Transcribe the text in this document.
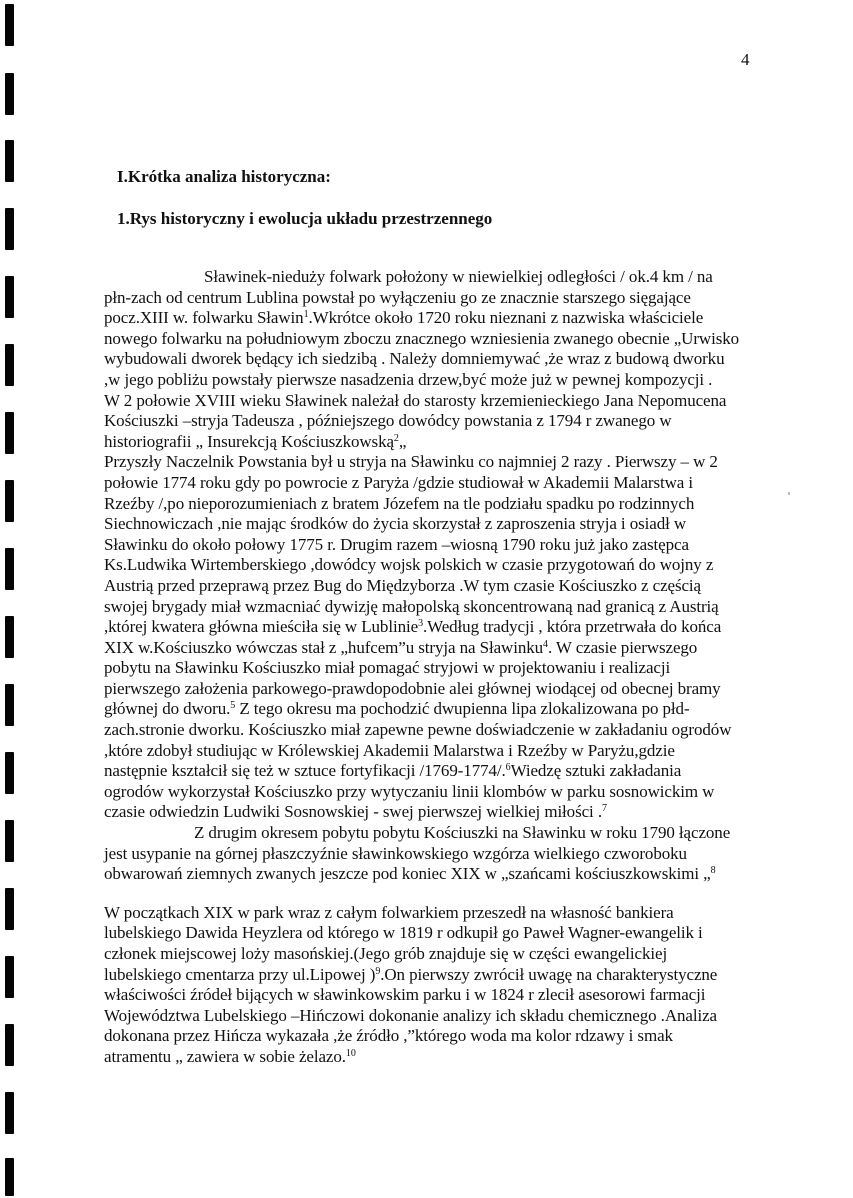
4
I.Krótka analiza historyczna:
1.Rys historyczny i ewolucja układu przestrzennego
Sławinek-nieduży folwark położony w niewielkiej odległości / ok.4 km / na
płn-zach od centrum Lublina powstał po wyłączeniu go ze znacznie starszego sięgające
pocz.XIII w. folwarku Sławin$^1$.Wkrótce około 1720 roku nieznani z nazwiska właściciele
nowego folwarku na południowym zboczu znacznego wzniesienia zwanego obecnie „Urwisko
wybudowali dworek będący ich siedzibą . Należy domniemywać ,że wraz z budową dworku
,w jego pobliżu powstały pierwsze nasadzenia drzew,być może już w pewnej kompozycji .
W 2 połowie XVIII wieku Sławinek należał do starosty krzemienieckiego Jana Nepomucena
Kościuszki –stryja Tadeusza , późniejszego dowódcy powstania z 1794 r zwanego w
historiografii „ Insurekcją Kościuszkowską$^2$„
Przyszły Naczelnik Powstania był u stryja na Sławinku co najmniej 2 razy . Pierwszy – w 2
połowie 1774 roku gdy po powrocie z Paryża /gdzie studiował w Akademii Malarstwa i
Rzeźby /,po nieporozumieniach z bratem Józefem na tle podziału spadku po rodzinnych
Siechnowiczach ,nie mając środków do życia skorzystał z zaproszenia stryja i osiadł w
Sławinku do około połowy 1775 r. Drugim razem –wiosną 1790 roku już jako zastępca
Ks.Ludwika Wirtemberskiego ,dowódcy wojsk polskich w czasie przygotowań do wojny z
Austrią przed przeprawą przez Bug do Międzyborza .W tym czasie Kościuszko z częścią
swojej brygady miał wzmacniać dywizję małopolską skoncentrowaną nad granicą z Austrią
,której kwatera główna mieściła się w Lublinie$^3$.Według tradycji , która przetrwała do końca
XIX w.Kościuszko wówczas stał z „hufcem”u stryja na Sławinku$^4$. W czasie pierwszego
pobytu na Sławinku Kościuszko miał pomagać stryjowi w projektowaniu i realizacji
pierwszego założenia parkowego-prawdopodobnie alei głównej wiodącej od obecnej bramy
głównej do dworu.$^5$ Z tego okresu ma pochodzić dwupienna lipa zlokalizowana po płd-
zach.stronie dworku. Kościuszko miał zapewne pewne doświadczenie w zakładaniu ogrodów
,które zdobył studiując w Królewskiej Akademii Malarstwa i Rzeźby w Paryżu,gdzie
następnie kształcił się też w sztuce fortyfikacji /1769-1774/.$^6$Wiedzę sztuki zakładania
ogrodów wykorzystał Kościuszko przy wytyczaniu linii klombów w parku sosnowickim w
czasie odwiedzin Ludwiki Sosnowskiej - swej pierwszej wielkiej miłości .$^7$
Z drugim okresem pobytu pobytu Kościuszki na Sławinku w roku 1790 łączone
jest usypanie na górnej płaszczyźnie sławinkowskiego wzgórza wielkiego czworoboku
obwarowań ziemnych zwanych jeszcze pod koniec XIX w „szańcami kościuszkowskimi „$^8$
W początkach XIX w park wraz z całym folwarkiem przeszedł na własność bankiera
lubelskiego Dawida Heyzlera od którego w 1819 r odkupił go Paweł Wagner-ewangelik i
członek miejscowej loży masońskiej.(Jego grób znajduje się w części ewangelickiej
lubelskiego cmentarza przy ul.Lipowej )$^9$.On pierwszy zwrócił uwagę na charakterystyczne
właściwości źródeł bijących w sławinkowskim parku i w 1824 r zlecił asesorowi farmacji
Województwa Lubelskiego –Hińczowi dokonanie analizy ich składu chemicznego .Analiza
dokonana przez Hińcza wykazała ,że źródło ,”którego woda ma kolor rdzawy i smak
atramentu „ zawiera w sobie żelazo.$^{10}$
